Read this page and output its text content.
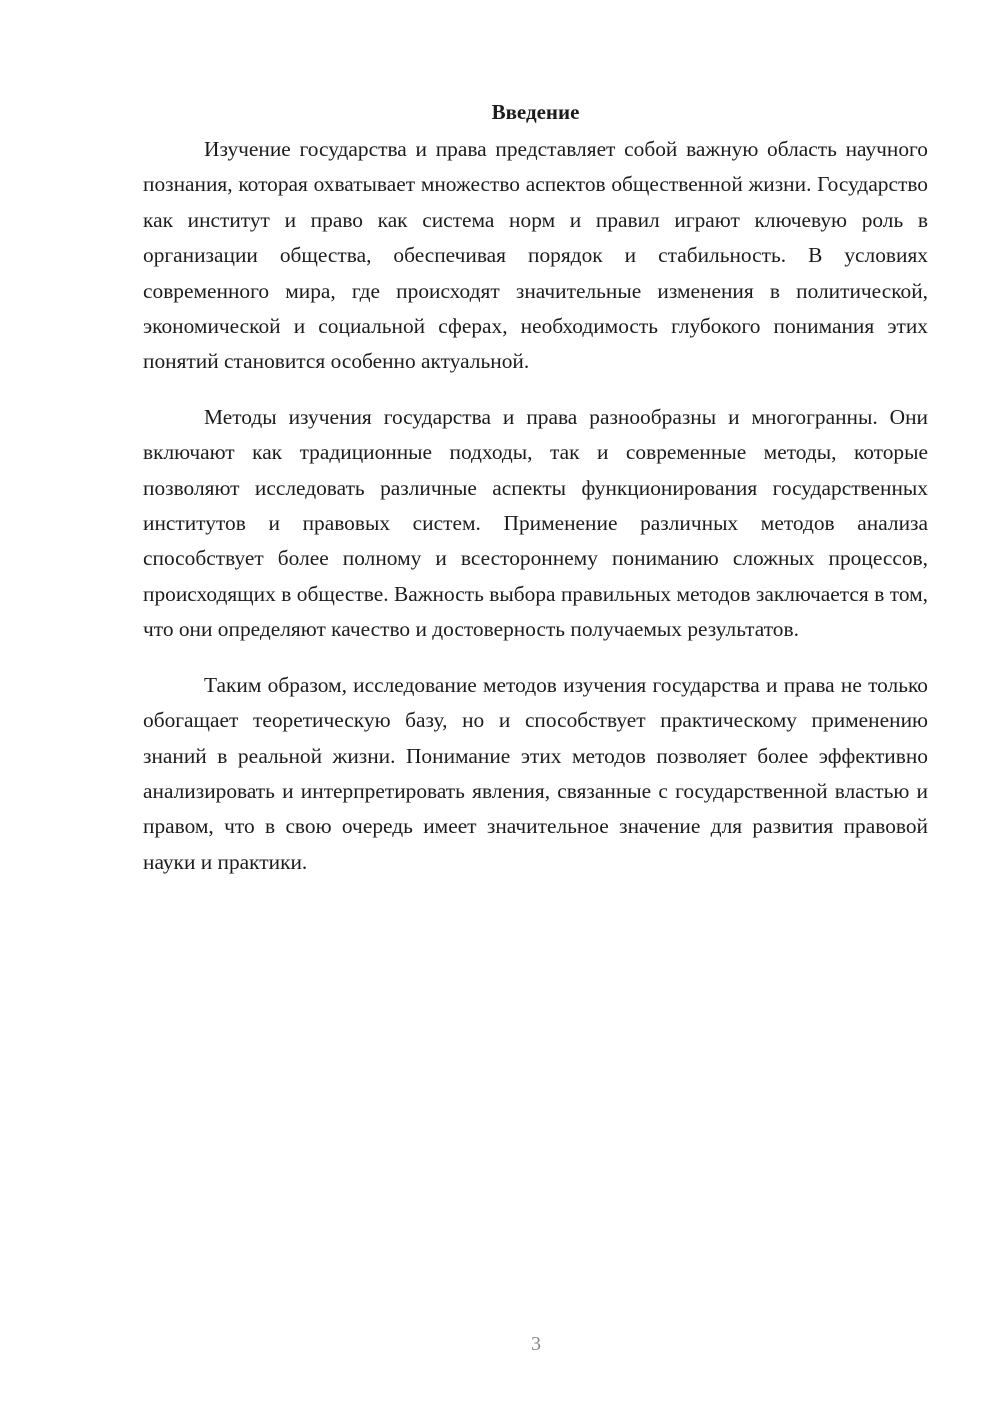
Введение

Изучение государства и права представляет собой важную область научного познания, которая охватывает множество аспектов общественной жизни. Государство как институт и право как система норм и правил играют ключевую роль в организации общества, обеспечивая порядок и стабильность. В условиях современного мира, где происходят значительные изменения в политической, экономической и социальной сферах, необходимость глубокого понимания этих понятий становится особенно актуальной.

Методы изучения государства и права разнообразны и многогранны. Они включают как традиционные подходы, так и современные методы, которые позволяют исследовать различные аспекты функционирования государственных институтов и правовых систем. Применение различных методов анализа способствует более полному и всестороннему пониманию сложных процессов, происходящих в обществе. Важность выбора правильных методов заключается в том, что они определяют качество и достоверность получаемых результатов.

Таким образом, исследование методов изучения государства и права не только обогащает теоретическую базу, но и способствует практическому применению знаний в реальной жизни. Понимание этих методов позволяет более эффективно анализировать и интерпретировать явления, связанные с государственной властью и правом, что в свою очередь имеет значительное значение для развития правовой науки и практики.

3
